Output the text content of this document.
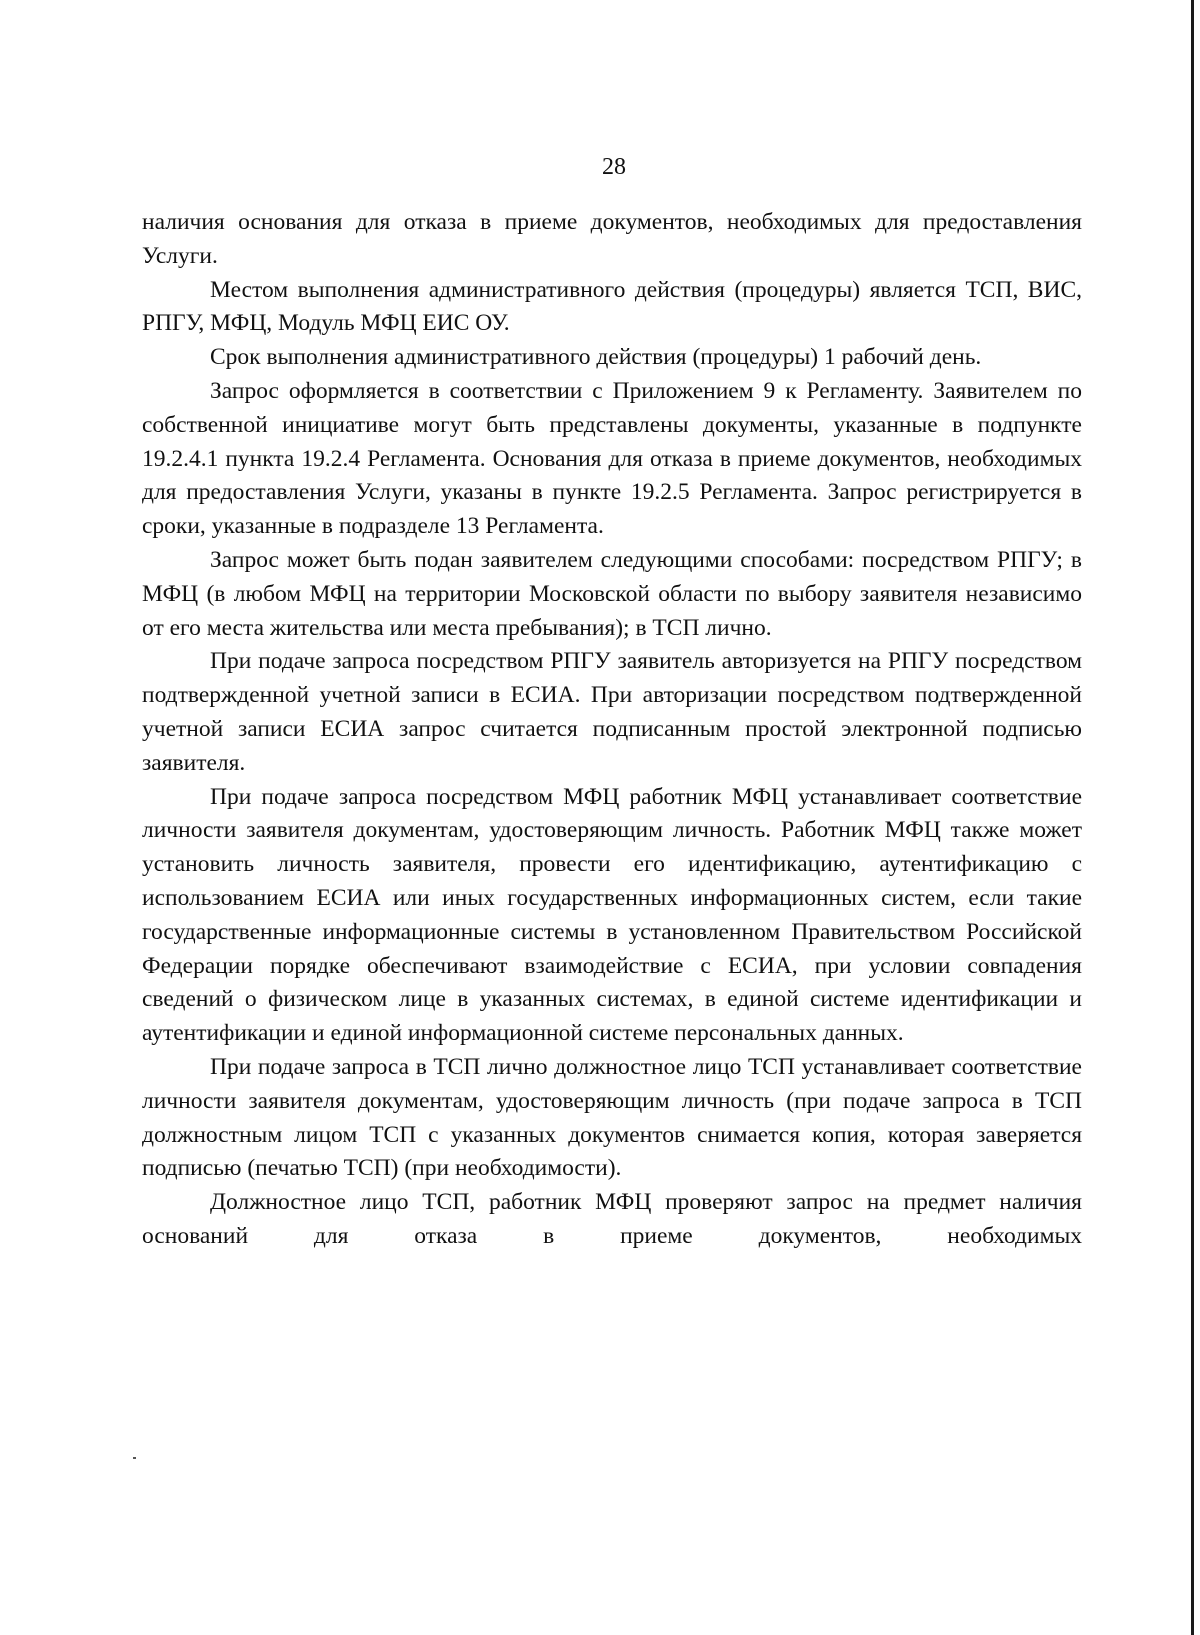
28

наличия основания для отказа в приеме документов, необходимых для предоставления Услуги.

Местом выполнения административного действия (процедуры) является ТСП, ВИС, РПГУ, МФЦ, Модуль МФЦ ЕИС ОУ.

Срок выполнения административного действия (процедуры) 1 рабочий день.

Запрос оформляется в соответствии с Приложением 9 к Регламенту. Заявителем по собственной инициативе могут быть представлены документы, указанные в подпункте 19.2.4.1 пункта 19.2.4 Регламента. Основания для отказа в приеме документов, необходимых для предоставления Услуги, указаны в пункте 19.2.5 Регламента. Запрос регистрируется в сроки, указанные в подразделе 13 Регламента.

Запрос может быть подан заявителем следующими способами: посредством РПГУ; в МФЦ (в любом МФЦ на территории Московской области по выбору заявителя независимо от его места жительства или места пребывания); в ТСП лично.

При подаче запроса посредством РПГУ заявитель авторизуется на РПГУ посредством подтвержденной учетной записи в ЕСИА. При авторизации посредством подтвержденной учетной записи ЕСИА запрос считается подписанным простой электронной подписью заявителя.

При подаче запроса посредством МФЦ работник МФЦ устанавливает соответствие личности заявителя документам, удостоверяющим личность. Работник МФЦ также может установить личность заявителя, провести его идентификацию, аутентификацию с использованием ЕСИА или иных государственных информационных систем, если такие государственные информационные системы в установленном Правительством Российской Федерации порядке обеспечивают взаимодействие с ЕСИА, при условии совпадения сведений о физическом лице в указанных системах, в единой системе идентификации и аутентификации и единой информационной системе персональных данных.

При подаче запроса в ТСП лично должностное лицо ТСП устанавливает соответствие личности заявителя документам, удостоверяющим личность (при подаче запроса в ТСП должностным лицом ТСП с указанных документов снимается копия, которая заверяется подписью (печатью ТСП) (при необходимости).

Должностное лицо ТСП, работник МФЦ проверяют запрос на предмет наличия оснований для отказа в приеме документов, необходимых
